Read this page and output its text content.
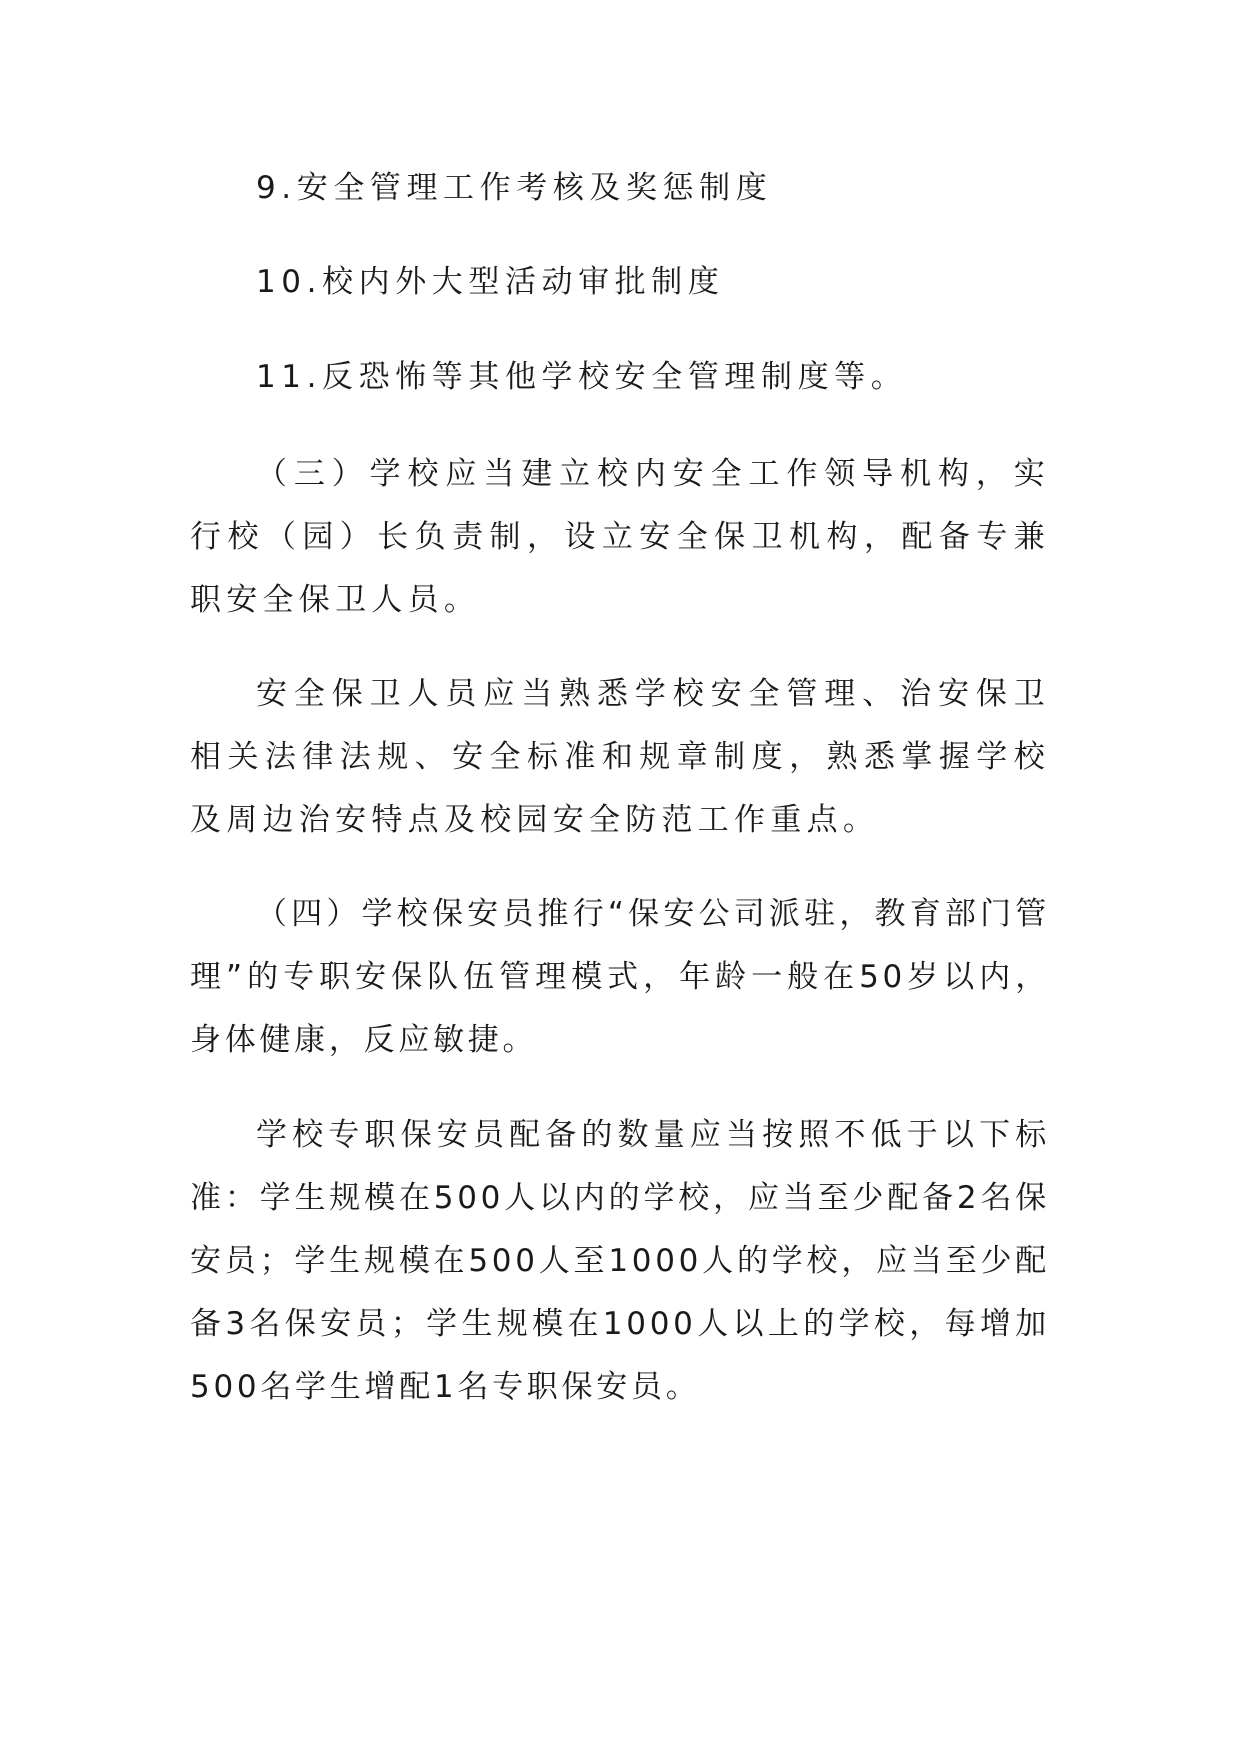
9.安全管理工作考核及奖惩制度
10.校内外大型活动审批制度
11.反恐怖等其他学校安全管理制度等。
（三）学校应当建立校内安全工作领导机构，实行校（园）长负责制，设立安全保卫机构，配备专兼职安全保卫人员。
安全保卫人员应当熟悉学校安全管理、治安保卫相关法律法规、安全标准和规章制度，熟悉掌握学校及周边治安特点及校园安全防范工作重点。
（四）学校保安员推行“保安公司派驻，教育部门管理”的专职安保队伍管理模式，年龄一般在50岁以内，身体健康，反应敏捷。
学校专职保安员配备的数量应当按照不低于以下标准：学生规模在500人以内的学校，应当至少配备2名保安员；学生规模在500人至1000人的学校，应当至少配备3名保安员；学生规模在1000人以上的学校，每增加500名学生增配1名专职保安员。
